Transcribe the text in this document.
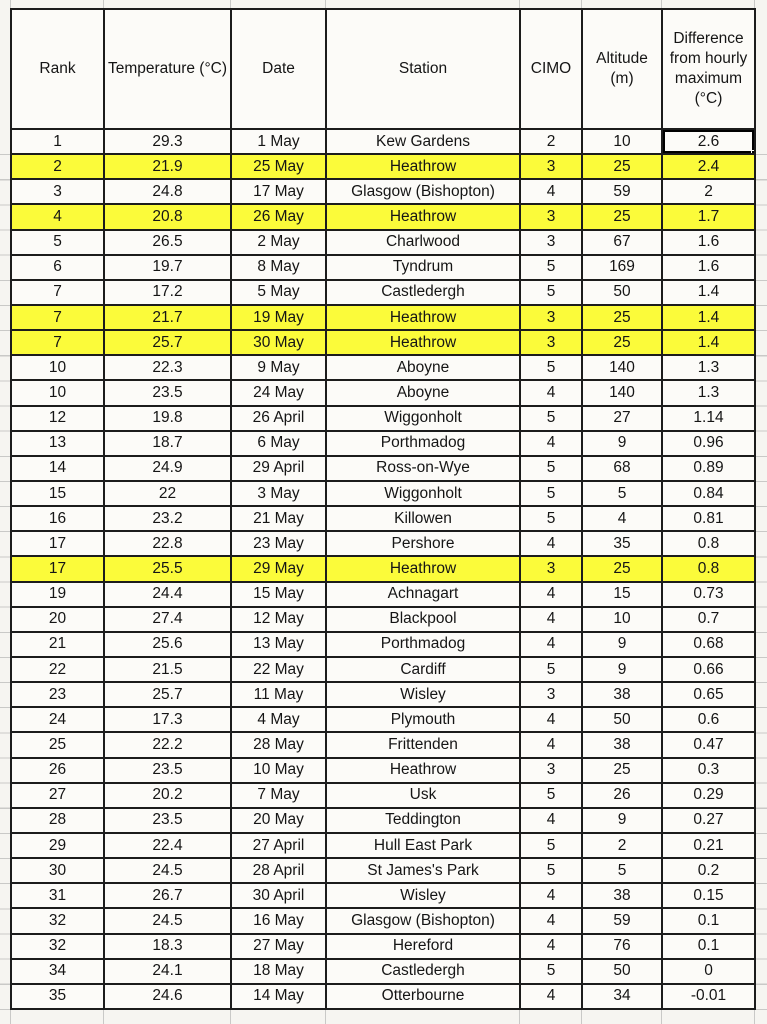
Rank	Temperature (°C)	Date	Station	CIMO	Altitude (m)	Difference from hourly maximum (°C)
1	29.3	1 May	Kew Gardens	2	10	2.6

2	21.9	25 May	Heathrow	3	25	2.4
3	24.8	17 May	Glasgow (Bishopton)	4	59	2
4	20.8	26 May	Heathrow	3	25	1.7
5	26.5	2 May	Charlwood	3	67	1.6
6	19.7	8 May	Tyndrum	5	169	1.6
7	17.2	5 May	Castledergh	5	50	1.4
7	21.7	19 May	Heathrow	3	25	1.4
7	25.7	30 May	Heathrow	3	25	1.4
10	22.3	9 May	Aboyne	5	140	1.3
10	23.5	24 May	Aboyne	4	140	1.3
12	19.8	26 April	Wiggonholt	5	27	1.14
13	18.7	6 May	Porthmadog	4	9	0.96
14	24.9	29 April	Ross-on-Wye	5	68	0.89
15	22	3 May	Wiggonholt	5	5	0.84
16	23.2	21 May	Killowen	5	4	0.81
17	22.8	23 May	Pershore	4	35	0.8
17	25.5	29 May	Heathrow	3	25	0.8
19	24.4	15 May	Achnagart	4	15	0.73
20	27.4	12 May	Blackpool	4	10	0.7
21	25.6	13 May	Porthmadog	4	9	0.68
22	21.5	22 May	Cardiff	5	9	0.66
23	25.7	11 May	Wisley	3	38	0.65
24	17.3	4 May	Plymouth	4	50	0.6
25	22.2	28 May	Frittenden	4	38	0.47
26	23.5	10 May	Heathrow	3	25	0.3
27	20.2	7 May	Usk	5	26	0.29
28	23.5	20 May	Teddington	4	9	0.27
29	22.4	27 April	Hull East Park	5	2	0.21
30	24.5	28 April	St James's Park	5	5	0.2
31	26.7	30 April	Wisley	4	38	0.15
32	24.5	16 May	Glasgow (Bishopton)	4	59	0.1
32	18.3	27 May	Hereford	4	76	0.1
34	24.1	18 May	Castledergh	5	50	0
35	24.6	14 May	Otterbourne	4	34	-0.01
